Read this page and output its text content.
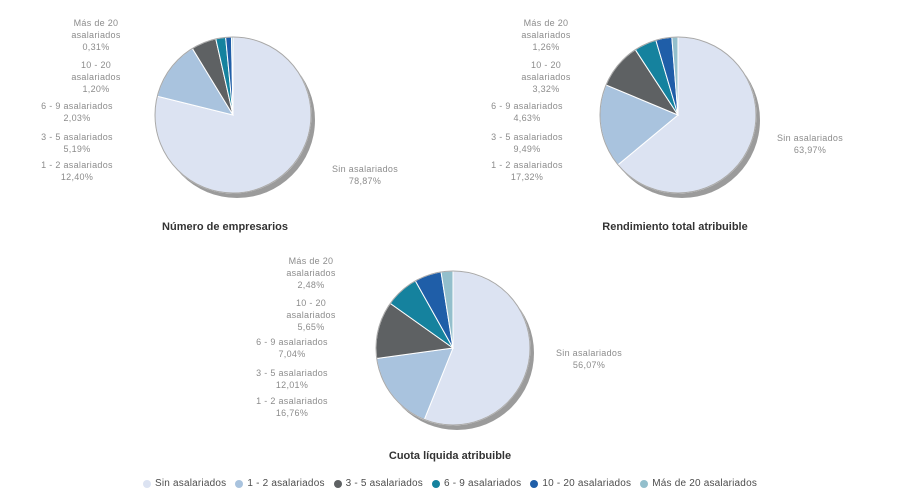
Más de 20 asalariados
0,31%
10 - 20 asalariados
1,20%
6 - 9 asalariados
2,03%
3 - 5 asalariados
5,19%
1 - 2 asalariados
12,40%
Sin asalariados
78,87%
Número de empresarios
Más de 20 asalariados
1,26%
10 - 20 asalariados
3,32%
6 - 9 asalariados
4,63%
3 - 5 asalariados
9,49%
1 - 2 asalariados
17,32%
Sin asalariados
63,97%
Rendimiento total atribuible
Más de 20 asalariados
2,48%
10 - 20 asalariados
5,65%
6 - 9 asalariados
7,04%
3 - 5 asalariados
12,01%
1 - 2 asalariados
16,76%
Sin asalariados
56,07%
Cuota líquida atribuible
Sin asalariados 1 - 2 asalariados 3 - 5 asalariados 6 - 9 asalariados 10 - 20 asalariados Más de 20 asalariados
